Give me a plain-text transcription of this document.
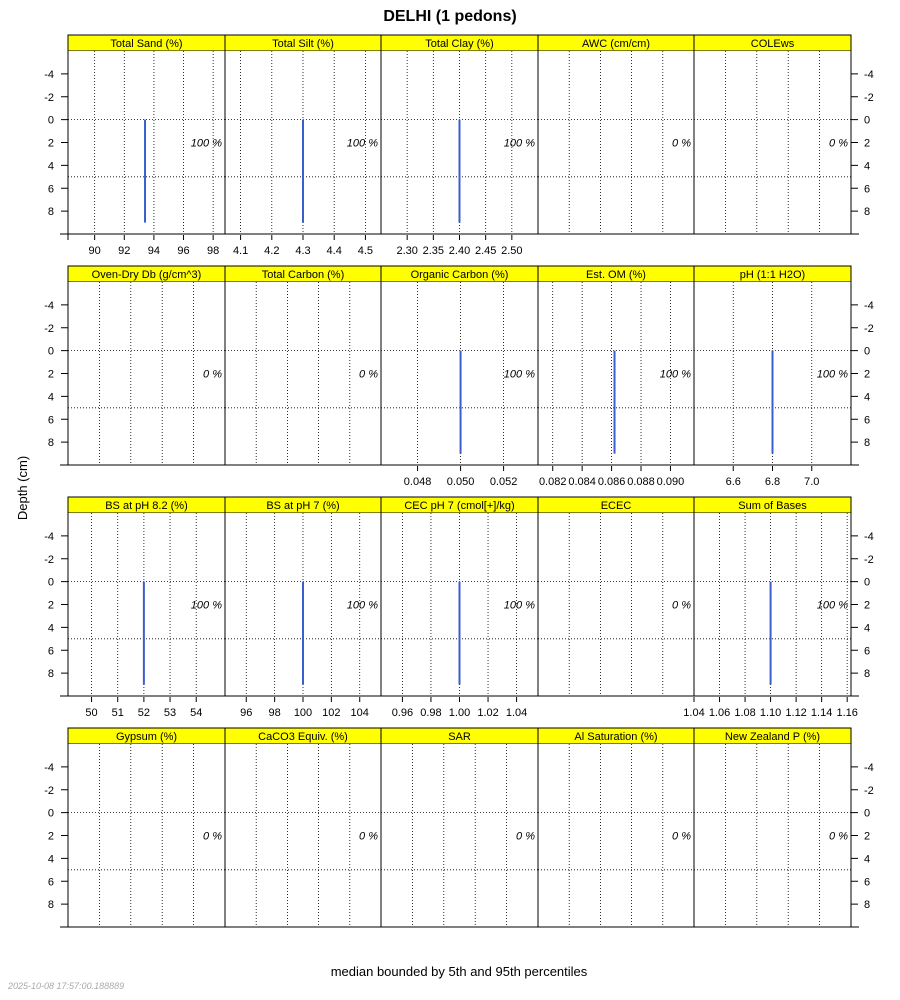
DELHI (1 pedons)
Depth (cm)
median bounded by 5th and 95th percentiles
2025-10-08 17:57:00.188889
Total Sand (%)
100 %
90 92 94 96 98
Total Silt (%)
100 %
4.1 4.2 4.3 4.4 4.5
Total Clay (%)
100 %
2.30 2.35 2.40 2.45 2.50
AWC (cm/cm)
0 %
COLEws
0 %
Oven-Dry Db (g/cm^3)
0 %
Total Carbon (%)
0 %
Organic Carbon (%)
100 %
0.048 0.050 0.052
Est. OM (%)
100 %
0.082 0.084 0.086 0.088 0.090
pH (1:1 H2O)
100 %
6.6 6.8 7.0
BS at pH 8.2 (%)
100 %
50 51 52 53 54
BS at pH 7 (%)
100 %
96 98 100 102 104
CEC pH 7 (cmol[+]/kg)
100 %
0.96 0.98 1.00 1.02 1.04
ECEC
0 %
Sum of Bases
100 %
1.04 1.06 1.08 1.10 1.12 1.14 1.16
Gypsum (%)
0 %
CaCO3 Equiv. (%)
0 %
SAR
0 %
Al Saturation (%)
0 %
New Zealand P (%)
0 %
-4	-4
-2	-2
0	0
2	2
4	4
6	6
8	8
-4	-4
-2	-2
0	0
2	2
4	4
6	6
8	8
-4	-4
-2	-2
0	0
2	2
4	4
6	6
8	8
-4	-4
-2	-2
0	0
2	2
4	4
6	6
8	8
